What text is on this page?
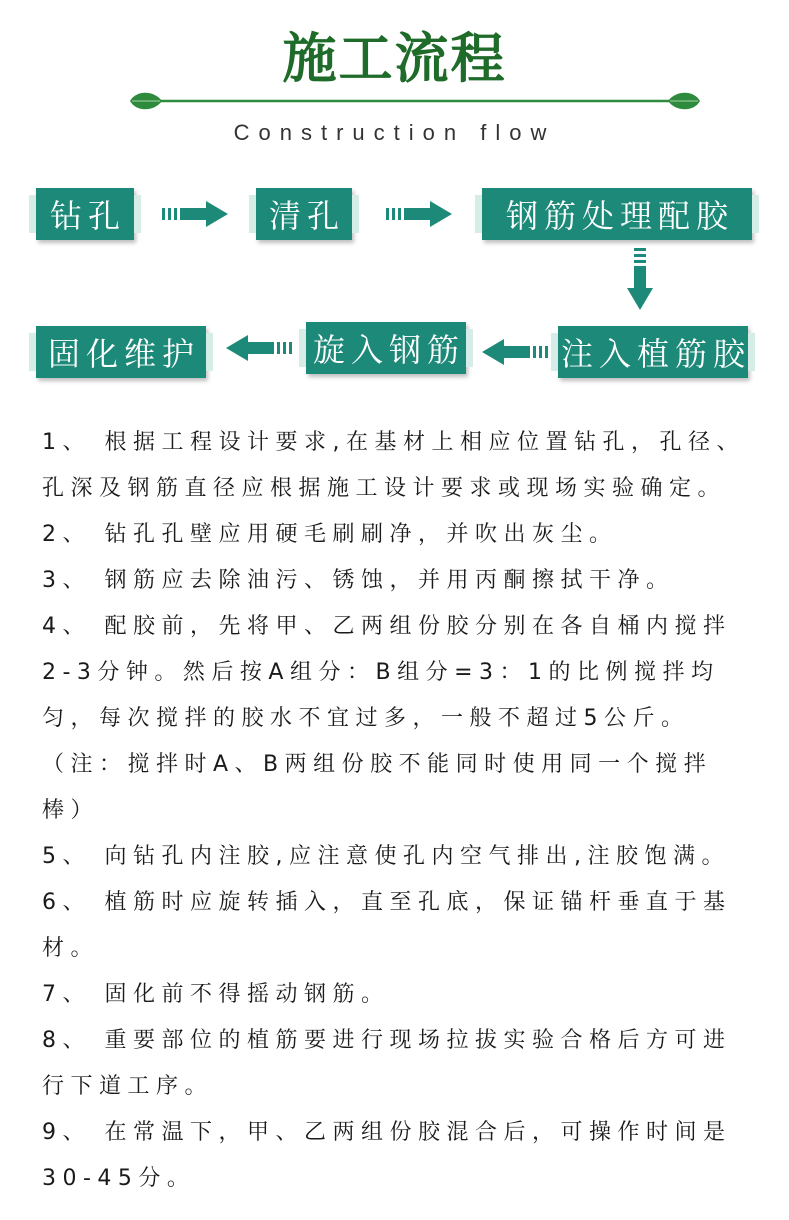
施工流程
Construction flow
钻孔	清孔	钢筋处理配胶
注入植筋胶
旋入钢筋
固化维护
1、 根据工程设计要求,在基材上相应位置钻孔，孔径、
孔深及钢筋直径应根据施工设计要求或现场实验确定。
2、 钻孔孔壁应用硬毛刷刷净，并吹出灰尘。
3、 钢筋应去除油污、锈蚀，并用丙酮擦拭干净。
4、 配胶前，先将甲、乙两组份胶分别在各自桶内搅拌
2-3分钟。然后按A组分：B组分=3：1的比例搅拌均
匀，每次搅拌的胶水不宜过多，一般不超过5公斤。
（注：搅拌时A、B两组份胶不能同时使用同一个搅拌
棒）
5、 向钻孔内注胶,应注意使孔内空气排出,注胶饱满。
6、 植筋时应旋转插入，直至孔底，保证锚杆垂直于基
材。
7、 固化前不得摇动钢筋。
8、 重要部位的植筋要进行现场拉拔实验合格后方可进
行下道工序。
9、 在常温下，甲、乙两组份胶混合后，可操作时间是
30-45分。
